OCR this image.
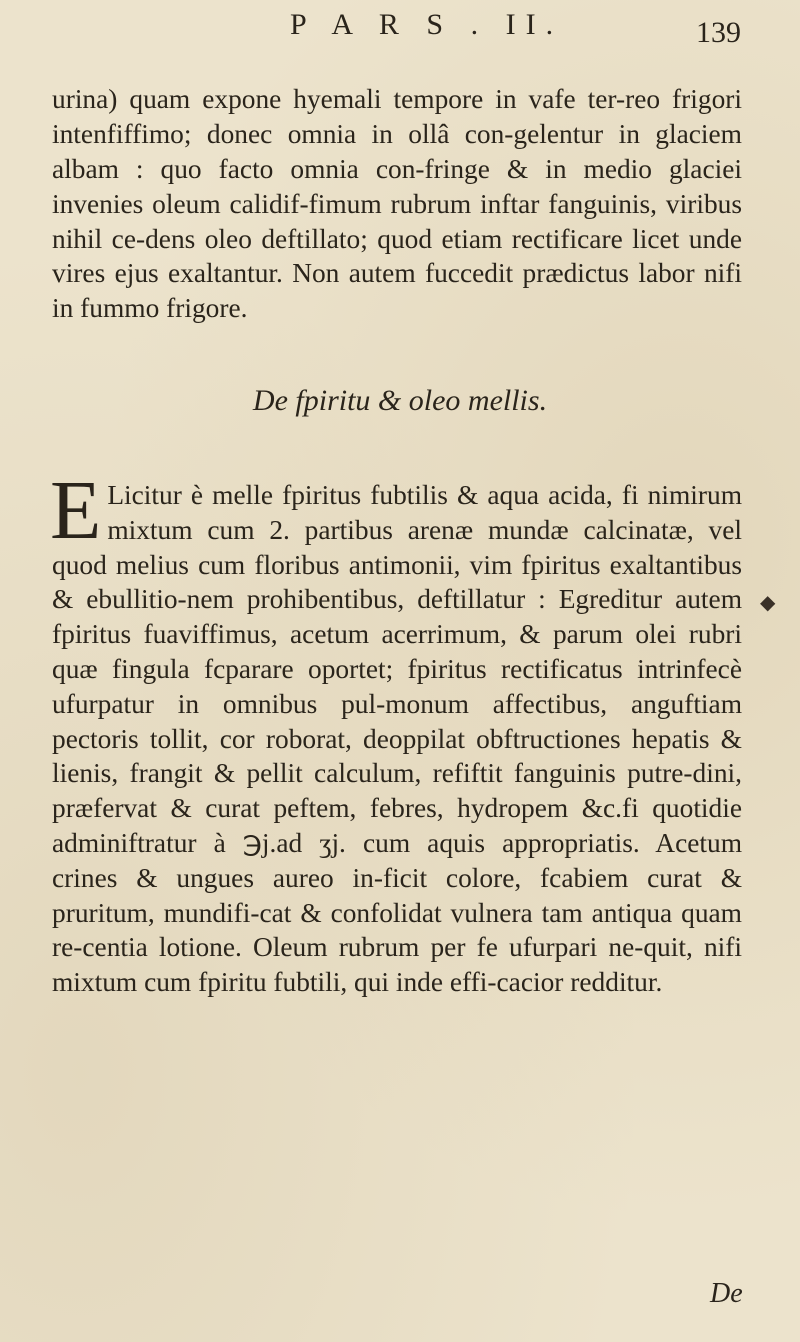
P A R S . II.	139

urina) quam expone hyemali tempore in vafe ter-reo frigori intenfiffimo; donec omnia in ollâ con-gelentur in glaciem albam : quo facto omnia con-fringe & in medio glaciei invenies oleum calidif-fimum rubrum inftar fanguinis, viribus nihil ce-dens oleo deftillato; quod etiam rectificare licet unde vires ejus exaltantur. Non autem fuccedit prædictus labor nifi in fummo frigore.

De fpiritu & oleo mellis.
E Licitur è melle fpiritus fubtilis & aqua acida, fi nimirum mixtum cum 2. partibus arenæ mundæ calcinatæ, vel quod melius cum floribus antimonii, vim fpiritus exaltantibus & ebullitio-nem prohibentibus, deftillatur : Egreditur autem fpiritus fuaviffimus, acetum acerrimum, & parum olei rubri quæ fingula fcparare oportet; fpiritus rectificatus intrinfecè ufurpatur in omnibus pul-monum affectibus, anguftiam pectoris tollit, cor roborat, deoppilat obftructiones hepatis & lienis, frangit & pellit calculum, refiftit fanguinis putre-dini, præfervat & curat peftem, febres, hydropem &c.fi quotidie adminiftratur à ℈j.ad ʒj. cum aquis appropriatis. Acetum crines & ungues aureo in-ficit colore, fcabiem curat & pruritum, mundifi-cat & confolidat vulnera tam antiqua quam re-centia lotione. Oleum rubrum per fe ufurpari ne-quit, nifi mixtum cum fpiritu fubtili, qui inde effi-cacior redditur.
De
◆
